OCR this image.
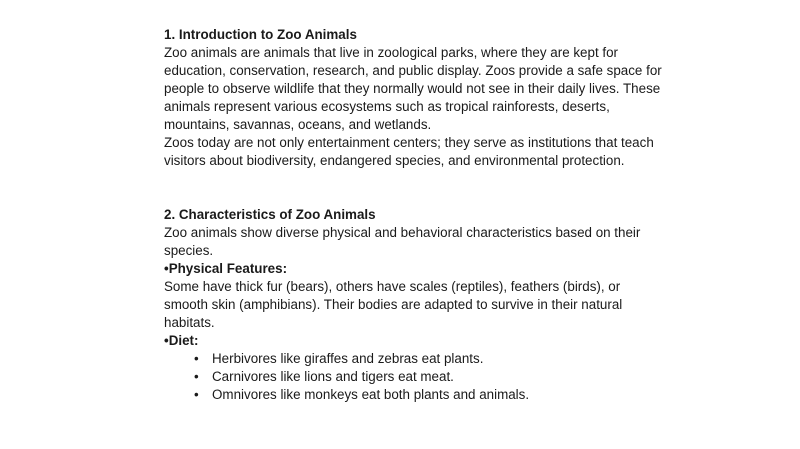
1. Introduction to Zoo Animals

Zoo animals are animals that live in zoological parks, where they are kept for education, conservation, research, and public display. Zoos provide a safe space for people to observe wildlife that they normally would not see in their daily lives. These animals represent various ecosystems such as tropical rainforests, deserts, mountains, savannas, oceans, and wetlands.

Zoos today are not only entertainment centers; they serve as institutions that teach visitors about biodiversity, endangered species, and environmental protection.

2. Characteristics of Zoo Animals

Zoo animals show diverse physical and behavioral characteristics based on their species.

•Physical Features:

Some have thick fur (bears), others have scales (reptiles), feathers (birds), or smooth skin (amphibians). Their bodies are adapted to survive in their natural habitats.

•Diet:
• Herbivores like giraffes and zebras eat plants.
• Carnivores like lions and tigers eat meat.
• Omnivores like monkeys eat both plants and animals.
